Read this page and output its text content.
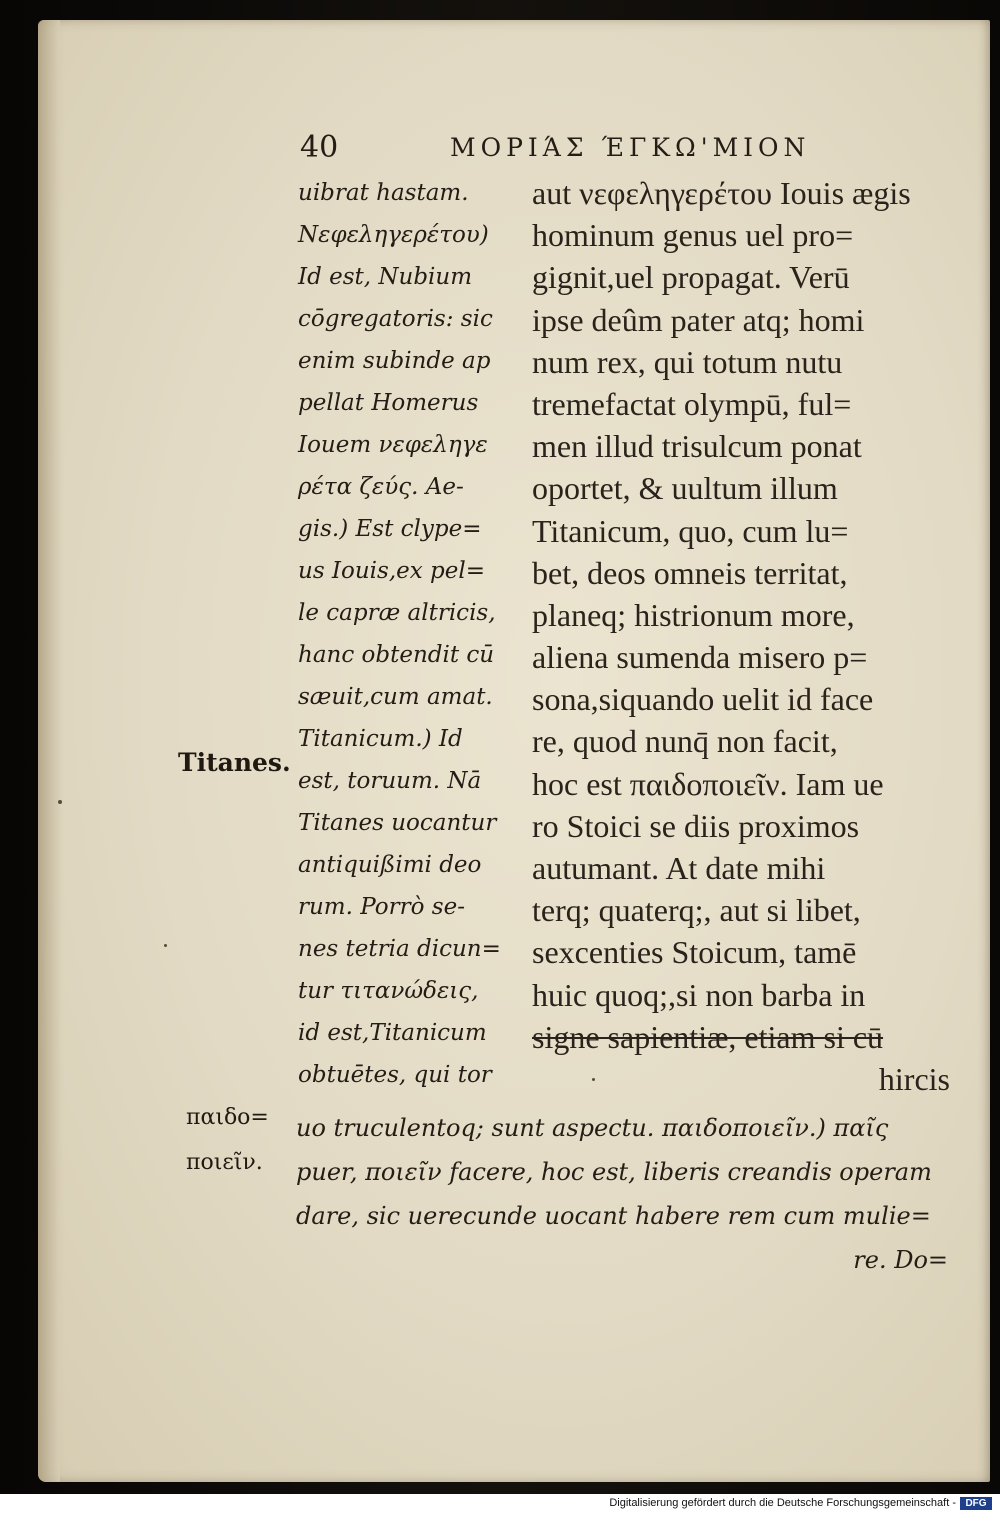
40	ΜΟΡΙΆΣ ΈΓΚΩ'ΜΙΟΝ
uibrat hastam.
Νεφεληγερέτου)
Id est, Nubium
cōgregatoris: sic
enim subinde ap
pellat Homerus
Iouem νεφεληγε
ρέτα ζεύς. Ae-
gis.) Est clype=
us Iouis,ex pel=
le capræ altricis,
hanc obtendit cū
sæuit,cum amat.
Titanicum.) Id
est, toruum. Nā
Titanes uocantur
antiquißimi deo
rum. Porrò se-
nes tetria dicun=
tur τιτανώδεις,
id est,Titanicum
obtuētes, qui tor
aut νεφεληγερέτου Iouis ægis
hominum genus uel pro=
gignit,uel propagat. Verū
ipse deûm pater atq; homi
num rex, qui totum nutu
tremefactat olympū, ful=
men illud trisulcum ponat
oportet, & uultum illum
Titanicum, quo, cum lu=
bet, deos omneis territat,
planeq; histrionum more,
aliena sumenda misero p=
sona,siquando uelit id face
re, quod nunq̄ non facit,
hoc est παιδοποιεῖν. Iam ue
ro Stoici se diis proximos
autumant. At date mihi
terq; quaterq;, aut si libet,
sexcenties Stoicum, tamē
huic quoq;,si non barba in
signe sapientiæ, etiam si cū
hircis
Titanes.
παιδο=
ποιεῖν.
uo truculentoq; sunt aspectu. παιδοποιεῖν.) παῖς
puer, ποιεῖν facere, hoc est, liberis creandis operam
dare, sic uerecunde uocant habere rem cum mulie=
re. Do=
Digitalisierung gefördert durch die Deutsche Forschungsgemeinschaft - DFG
